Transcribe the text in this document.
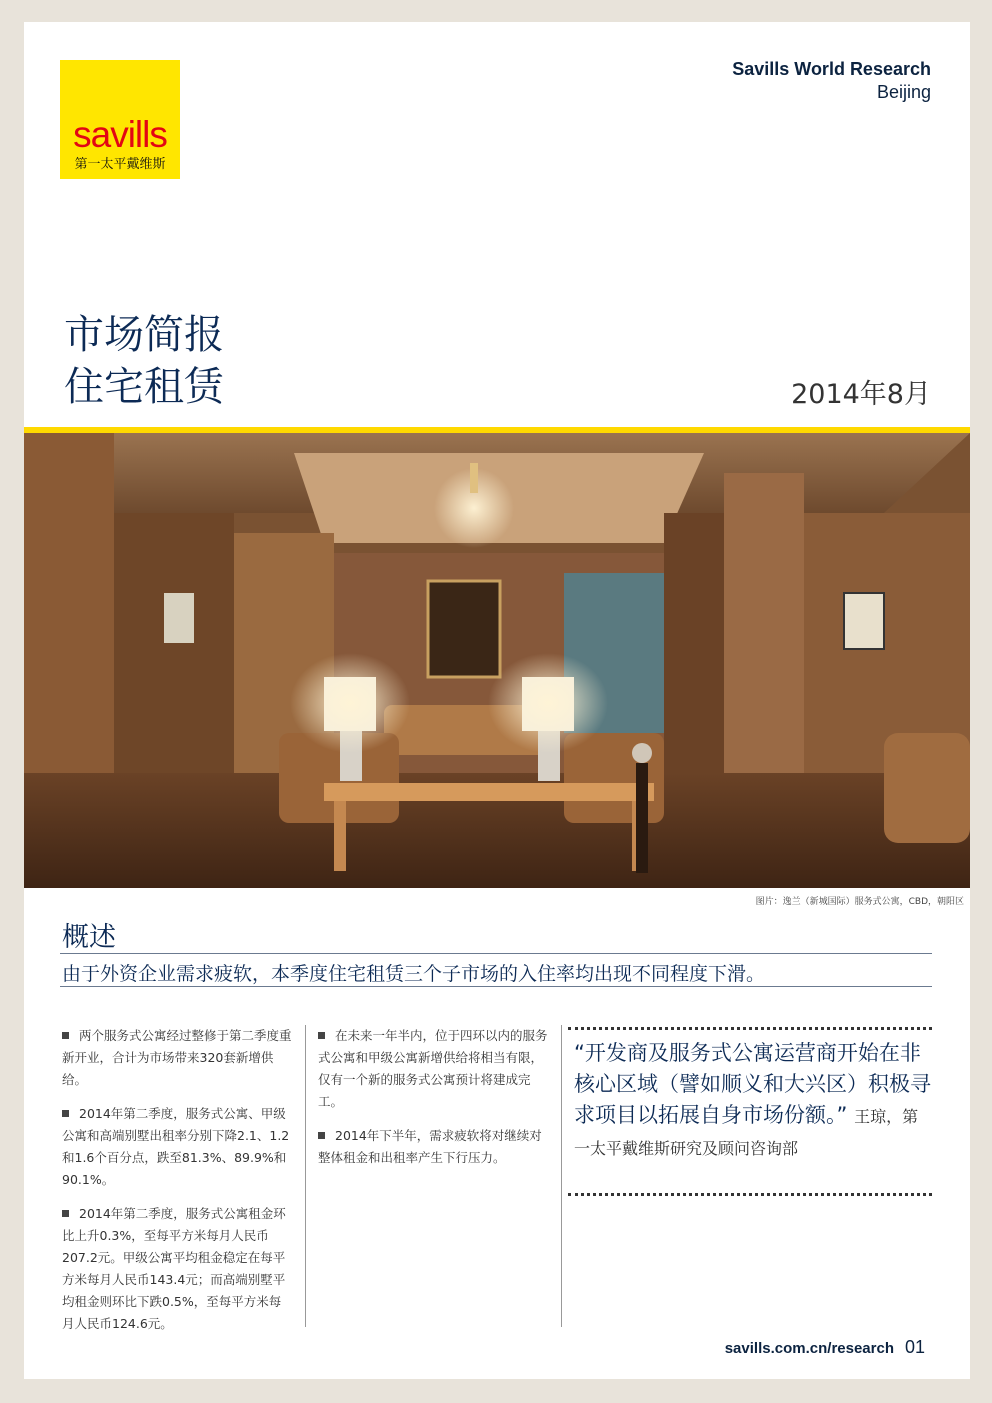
savills
第一太平戴维斯
Savills World Research
Beijing
市场简报
住宅租赁	2014年8月
图片：逸兰（新城国际）服务式公寓，CBD，朝阳区
概述
由于外资企业需求疲软，本季度住宅租赁三个子市场的入住率均出现不同程度下滑。

两个服务式公寓经过整修于第二季度重新开业，合计为市场带来320套新增供给。

2014年第二季度，服务式公寓、甲级公寓和高端别墅出租率分别下降2.1、1.2和1.6个百分点，跌至81.3%、89.9%和90.1%。

2014年第二季度，服务式公寓租金环比上升0.3%，至每平方米每月人民币207.2元。甲级公寓平均租金稳定在每平方米每月人民币143.4元；而高端别墅平均租金则环比下跌0.5%，至每平方米每月人民币124.6元。

在未来一年半内，位于四环以内的服务式公寓和甲级公寓新增供给将相当有限，仅有一个新的服务式公寓预计将建成完工。

2014年下半年，需求疲软将对继续对整体租金和出租率产生下行压力。

“开发商及服务式公寓运营商开始在非核心区域（譬如顺义和大兴区）积极寻求项目以拓展自身市场份额。” 王琼，第一太平戴维斯研究及顾问咨询部
savills.com.cn/research 01
